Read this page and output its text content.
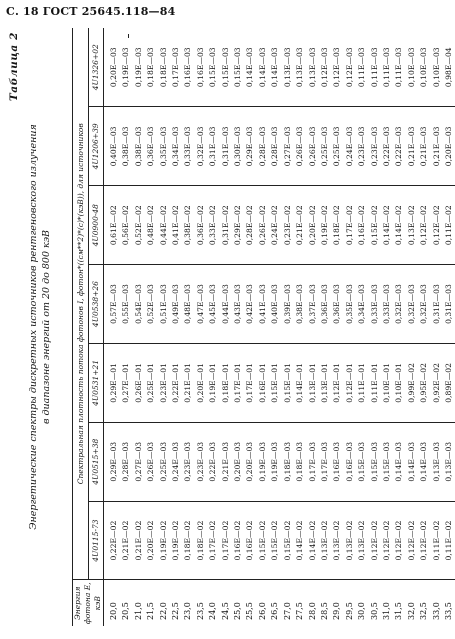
С. 18 ГОСТ 25645.118—84
Таблица 2
Энергетические спектры дискретных источников рентгеновского излучения в диапазоне энергий от 20 до 800 кэВ
Энергия фотона E, кэВ	Спектральная плотность потока фотонов I, фотон*((см**2)*(с)*(кэВ)), для источников						
	4U0115-73	4U0515+38	4U0531+21	4U0538+26	4U0900-48	4U1206+39	4U1326+02
20,0	0,22E—02	0,29E—03	0,29E—01	0,57E—03	0,61E—02	0,40E—03	0,20E—03
20,5	0,21E—02	0,28E—03	0,27E—01	0,55E—03	0,56E—02	0,38E—03	0,19E—03
21,0	0,21E—02	0,27E—03	0,26E—01	0,54E—03	0,52E—02	0,38E—03	0,19E—03
21,5	0,20E—02	0,26E—03	0,25E—01	0,52E—03	0,48E—02	0,36E—03	0,18E—03
22,0	0,19E—02	0,25E—03	0,23E—01	0,51E—03	0,44E—02	0,35E—03	0,18E—03
22,5	0,19E—02	0,24E—03	0,22E—01	0,49E—03	0,41E—02	0,34E—03	0,17E—03
23,0	0,18E—02	0,23E—03	0,21E—01	0,48E—03	0,38E—02	0,33E—03	0,16E—03
23,5	0,18E—02	0,23E—03	0,20E—01	0,47E—03	0,36E—02	0,32E—03	0,16E—03
24,0	0,17E—02	0,22E—03	0,19E—01	0,45E—03	0,33E—02	0,31E—03	0,15E—03
24,5	0,17E—02	0,21E—03	0,18E—01	0,44E—03	0,31E—02	0,31E—03	0,15E—03
25,0	0,16E—02	0,20E—03	0,17E—01	0,43E—03	0,29E—02	0,30E—03	0,15E—03
25,5	0,16E—02	0,20E—03	0,17E—01	0,42E—03	0,28E—02	0,29E—03	0,14E—03
26,0	0,15E—02	0,19E—03	0,16E—01	0,41E—03	0,26E—02	0,28E—03	0,14E—03
26,5	0,15E—02	0,19E—03	0,15E—01	0,40E—03	0,24E—02	0,28E—03	0,14E—03
27,0	0,15E—02	0,18E—03	0,15E—01	0,39E—03	0,23E—02	0,27E—03	0,13E—03
27,5	0,14E—02	0,18E—03	0,14E—01	0,38E—03	0,21E—02	0,26E—03	0,13E—03
28,0	0,14E—02	0,17E—03	0,13E—01	0,37E—03	0,20E—02	0,26E—03	0,13E—03
28,5	0,13E—02	0,17E—03	0,13E—01	0,36E—03	0,19E—02	0,25E—03	0,12E—03
29,0	0,13E—02	0,16E—03	0,12E—01	0,36E—03	0,18E—02	0,25E—03	0,12E—03
29,5	0,13E—02	0,16E—03	0,12E—01	0,35E—03	0,17E—02	0,24E—03	0,12E—03
30,0	0,13E—02	0,15E—03	0,11E—01	0,34E—03	0,16E—02	0,23E—03	0,11E—03
30,5	0,12E—02	0,15E—03	0,11E—01	0,33E—03	0,15E—02	0,23E—03	0,11E—03
31,0	0,12E—02	0,15E—03	0,10E—01	0,33E—03	0,14E—02	0,22E—03	0,11E—03
31,5	0,12E—02	0,14E—03	0,10E—01	0,32E—03	0,14E—02	0,22E—03	0,11E—03
32,0	0,12E—02	0,14E—03	0,99E—02	0,32E—03	0,13E—02	0,21E—03	0,10E—03
32,5	0,12E—02	0,14E—03	0,95E—02	0,32E—03	0,12E—02	0,21E—03	0,10E—03
33,0	0,11E—02	0,13E—03	0,92E—02	0,31E—03	0,12E—02	0,21E—03	0,10E—03
33,5	0,11E—02	0,13E—03	0,89E—02	0,31E—03	0,11E—02	0,20E—03	0,98E—04
